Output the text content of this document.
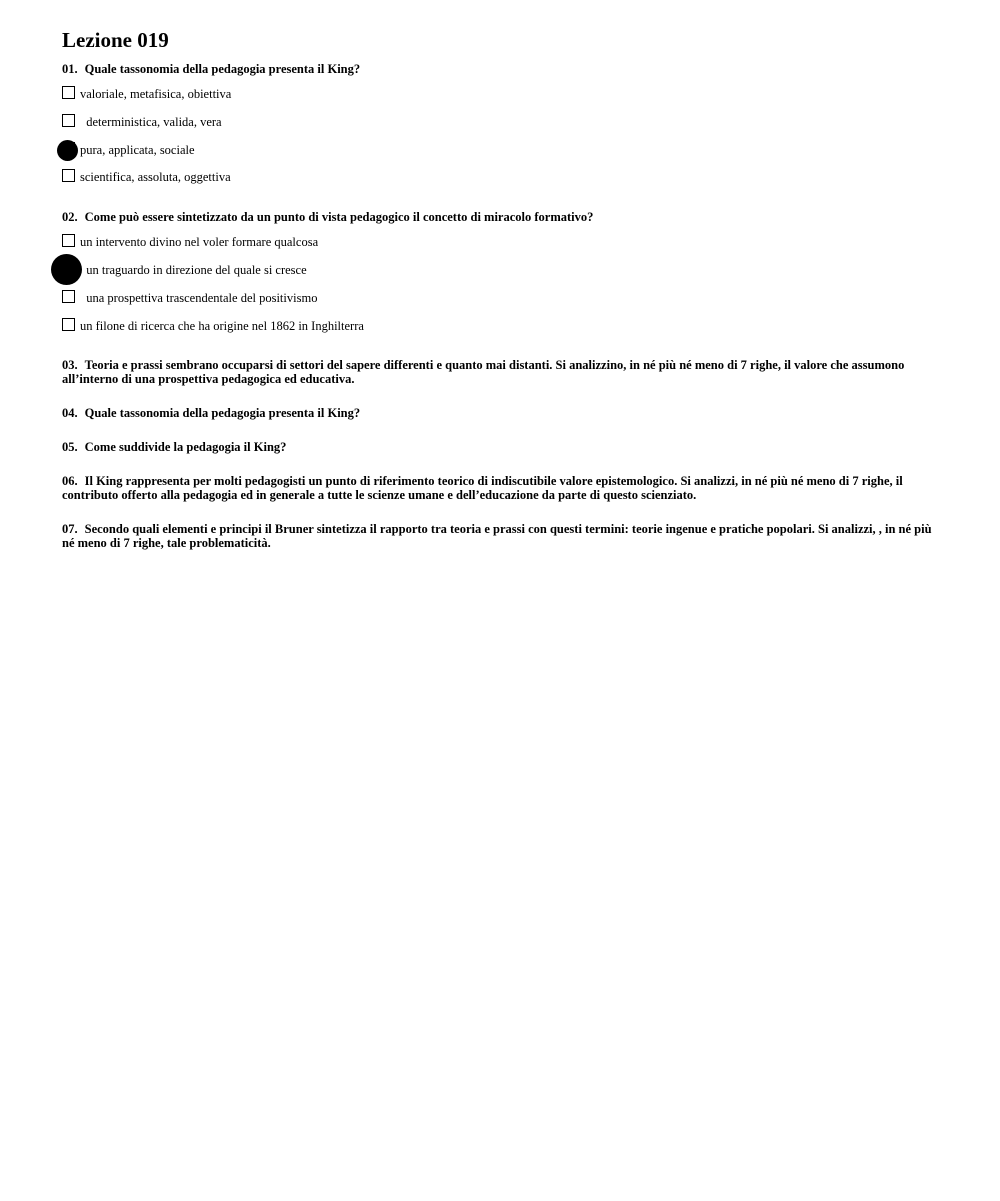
Lezione 019

01. Quale tassonomia della pedagogia presenta il King?

valoriale, metafisica, obiettiva
deterministica, valida, vera
pura, applicata, sociale
scientifica, assoluta, oggettiva

02. Come può essere sintetizzato da un punto di vista pedagogico il concetto di miracolo formativo?

un intervento divino nel voler formare qualcosa
un traguardo in direzione del quale si cresce
una prospettiva trascendentale del positivismo
un filone di ricerca che ha origine nel 1862 in Inghilterra

03. Teoria e prassi sembrano occuparsi di settori del sapere differenti e quanto mai distanti. Si analizzino, in né più né meno di 7 righe, il valore che assumono all’interno di una prospettiva pedagogica ed educativa.

04. Quale tassonomia della pedagogia presenta il King?

05. Come suddivide la pedagogia il King?

06. Il King rappresenta per molti pedagogisti un punto di riferimento teorico di indiscutibile valore epistemologico. Si analizzi, in né più né meno di 7 righe, il contributo offerto alla pedagogia ed in generale a tutte le scienze umane e dell’educazione da parte di questo scienziato.

07. Secondo quali elementi e principi il Bruner sintetizza il rapporto tra teoria e prassi con questi termini: teorie ingenue e pratiche popolari. Si analizzi, , in né più né meno di 7 righe, tale problematicità.
